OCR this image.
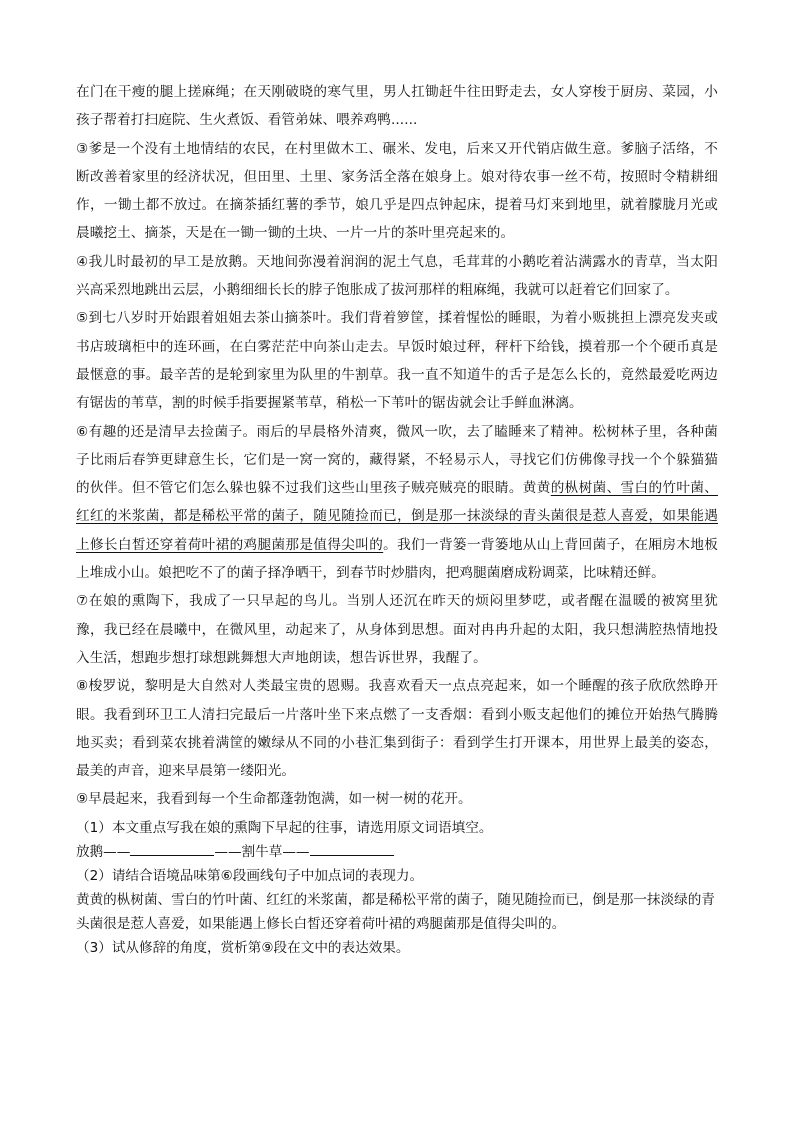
在门在干瘦的腿上搓麻绳；在天刚破晓的寒气里，男人扛锄赶牛往田野走去，女人穿梭于厨房、菜园，小孩子帮着打扫庭院、生火煮饭、看管弟妹、喂养鸡鸭......

③爹是一个没有土地情结的农民，在村里做木工、碾米、发电，后来又开代销店做生意。爹脑子活络，不断改善着家里的经济状况，但田里、土里、家务活全落在娘身上。娘对待农事一丝不苟，按照时令精耕细作，一锄土都不放过。在摘茶插红薯的季节，娘几乎是四点钟起床，提着马灯来到地里，就着朦胧月光或晨曦挖土、摘茶，天是在一锄一锄的土块、一片一片的茶叶里亮起来的。

④我儿时最初的早工是放鹅。天地间弥漫着润润的泥土气息，毛茸茸的小鹅吃着沾满露水的青草，当太阳兴高采烈地跳出云层，小鹅细细长长的脖子饱胀成了拔河那样的粗麻绳，我就可以赶着它们回家了。

⑤到七八岁时开始跟着姐姐去茶山摘茶叶。我们背着箩筐，揉着惺忪的睡眼，为着小贩挑担上漂亮发夹或书店玻璃柜中的连环画，在白雾茫茫中向茶山走去。早饭时娘过秤，秤杆下给钱，摸着那一个个硬币真是最惬意的事。最辛苦的是轮到家里为队里的牛割草。我一直不知道牛的舌子是怎么长的，竟然最爱吃两边有锯齿的苇草，割的时候手指要握紧苇草，稍松一下苇叶的锯齿就会让手鲜血淋漓。

⑥有趣的还是清早去捡菌子。雨后的早晨格外清爽，微风一吹，去了瞌睡来了精神。松树林子里，各种菌子比雨后春笋更肆意生长，它们是一窝一窝的，藏得紧，不轻易示人，寻找它们仿佛像寻找一个个躲猫猫的伙伴。但不管它们怎么躲也躲不过我们这些山里孩子贼亮贼亮的眼睛。黄黄的枞树菌、雪白的竹叶菌、红红的米浆菌，都是稀松平常的菌子，随见随捡而已，倒是那一抹淡绿的青头菌很是惹人喜爱，如果能遇上修长白皙还穿着荷叶裙的鸡腿菌那是值得尖叫的。我们一背篓一背篓地从山上背回菌子，在厢房木地板上堆成小山。娘把吃不了的菌子择净晒干，到春节时炒腊肉，把鸡腿菌磨成粉调菜，比味精还鲜。

⑦在娘的熏陶下，我成了一只早起的鸟儿。当别人还沉在昨天的烦闷里梦呓，或者醒在温暖的被窝里犹豫，我已经在晨曦中，在微风里，动起来了，从身体到思想。面对冉冉升起的太阳，我只想满腔热情地投入生活，想跑步想打球想跳舞想大声地朗读，想告诉世界，我醒了。

⑧梭罗说，黎明是大自然对人类最宝贵的恩赐。我喜欢看天一点点亮起来，如一个睡醒的孩子欣欣然睁开眼。我看到环卫工人清扫完最后一片落叶坐下来点燃了一支香烟：看到小贩支起他们的摊位开始热气腾腾地买卖；看到菜农挑着满筐的嫩绿从不同的小巷汇集到街子：看到学生打开课本，用世界上最美的姿态，最美的声音，迎来早晨第一缕阳光。

⑨早晨起来，我看到每一个生命都蓬勃饱满，如一树一树的花开。

（1）本文重点写我在娘的熏陶下早起的往事，请选用原文词语填空。

放鹅——	——割牛草——

（2）请结合语境品味第⑥段画线句子中加点词的表现力。

黄黄的枞树菌、雪白的竹叶菌、红红的米浆菌，都是稀松平常的菌子，随见随捡而已，倒是那一抹淡绿的青头菌很是惹人喜爱，如果能遇上修长白皙还穿着荷叶裙的鸡腿菌那是值得尖叫的。

（3）试从修辞的角度，赏析第⑨段在文中的表达效果。
